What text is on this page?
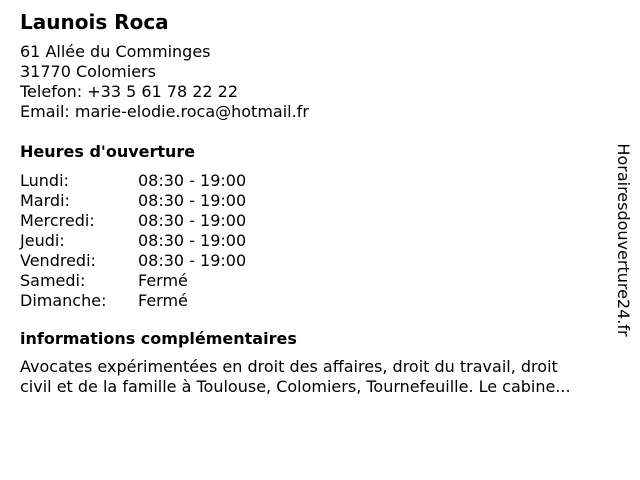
Launois Roca
61 Allée du Comminges
31770 Colomiers
Telefon: +33 5 61 78 22 22
Email: marie-elodie.roca@hotmail.fr
Heures d'ouverture
Lundi:	08:30 - 19:00
Mardi:	08:30 - 19:00
Mercredi:	08:30 - 19:00
Jeudi:	08:30 - 19:00
Vendredi:	08:30 - 19:00
Samedi:	Fermé
Dimanche:	Fermé
informations complémentaires
Avocates expérimentées en droit des affaires, droit du travail, droit
civil et de la famille à Toulouse, Colomiers, Tournefeuille. Le cabine...
Horairesdouverture24.fr
